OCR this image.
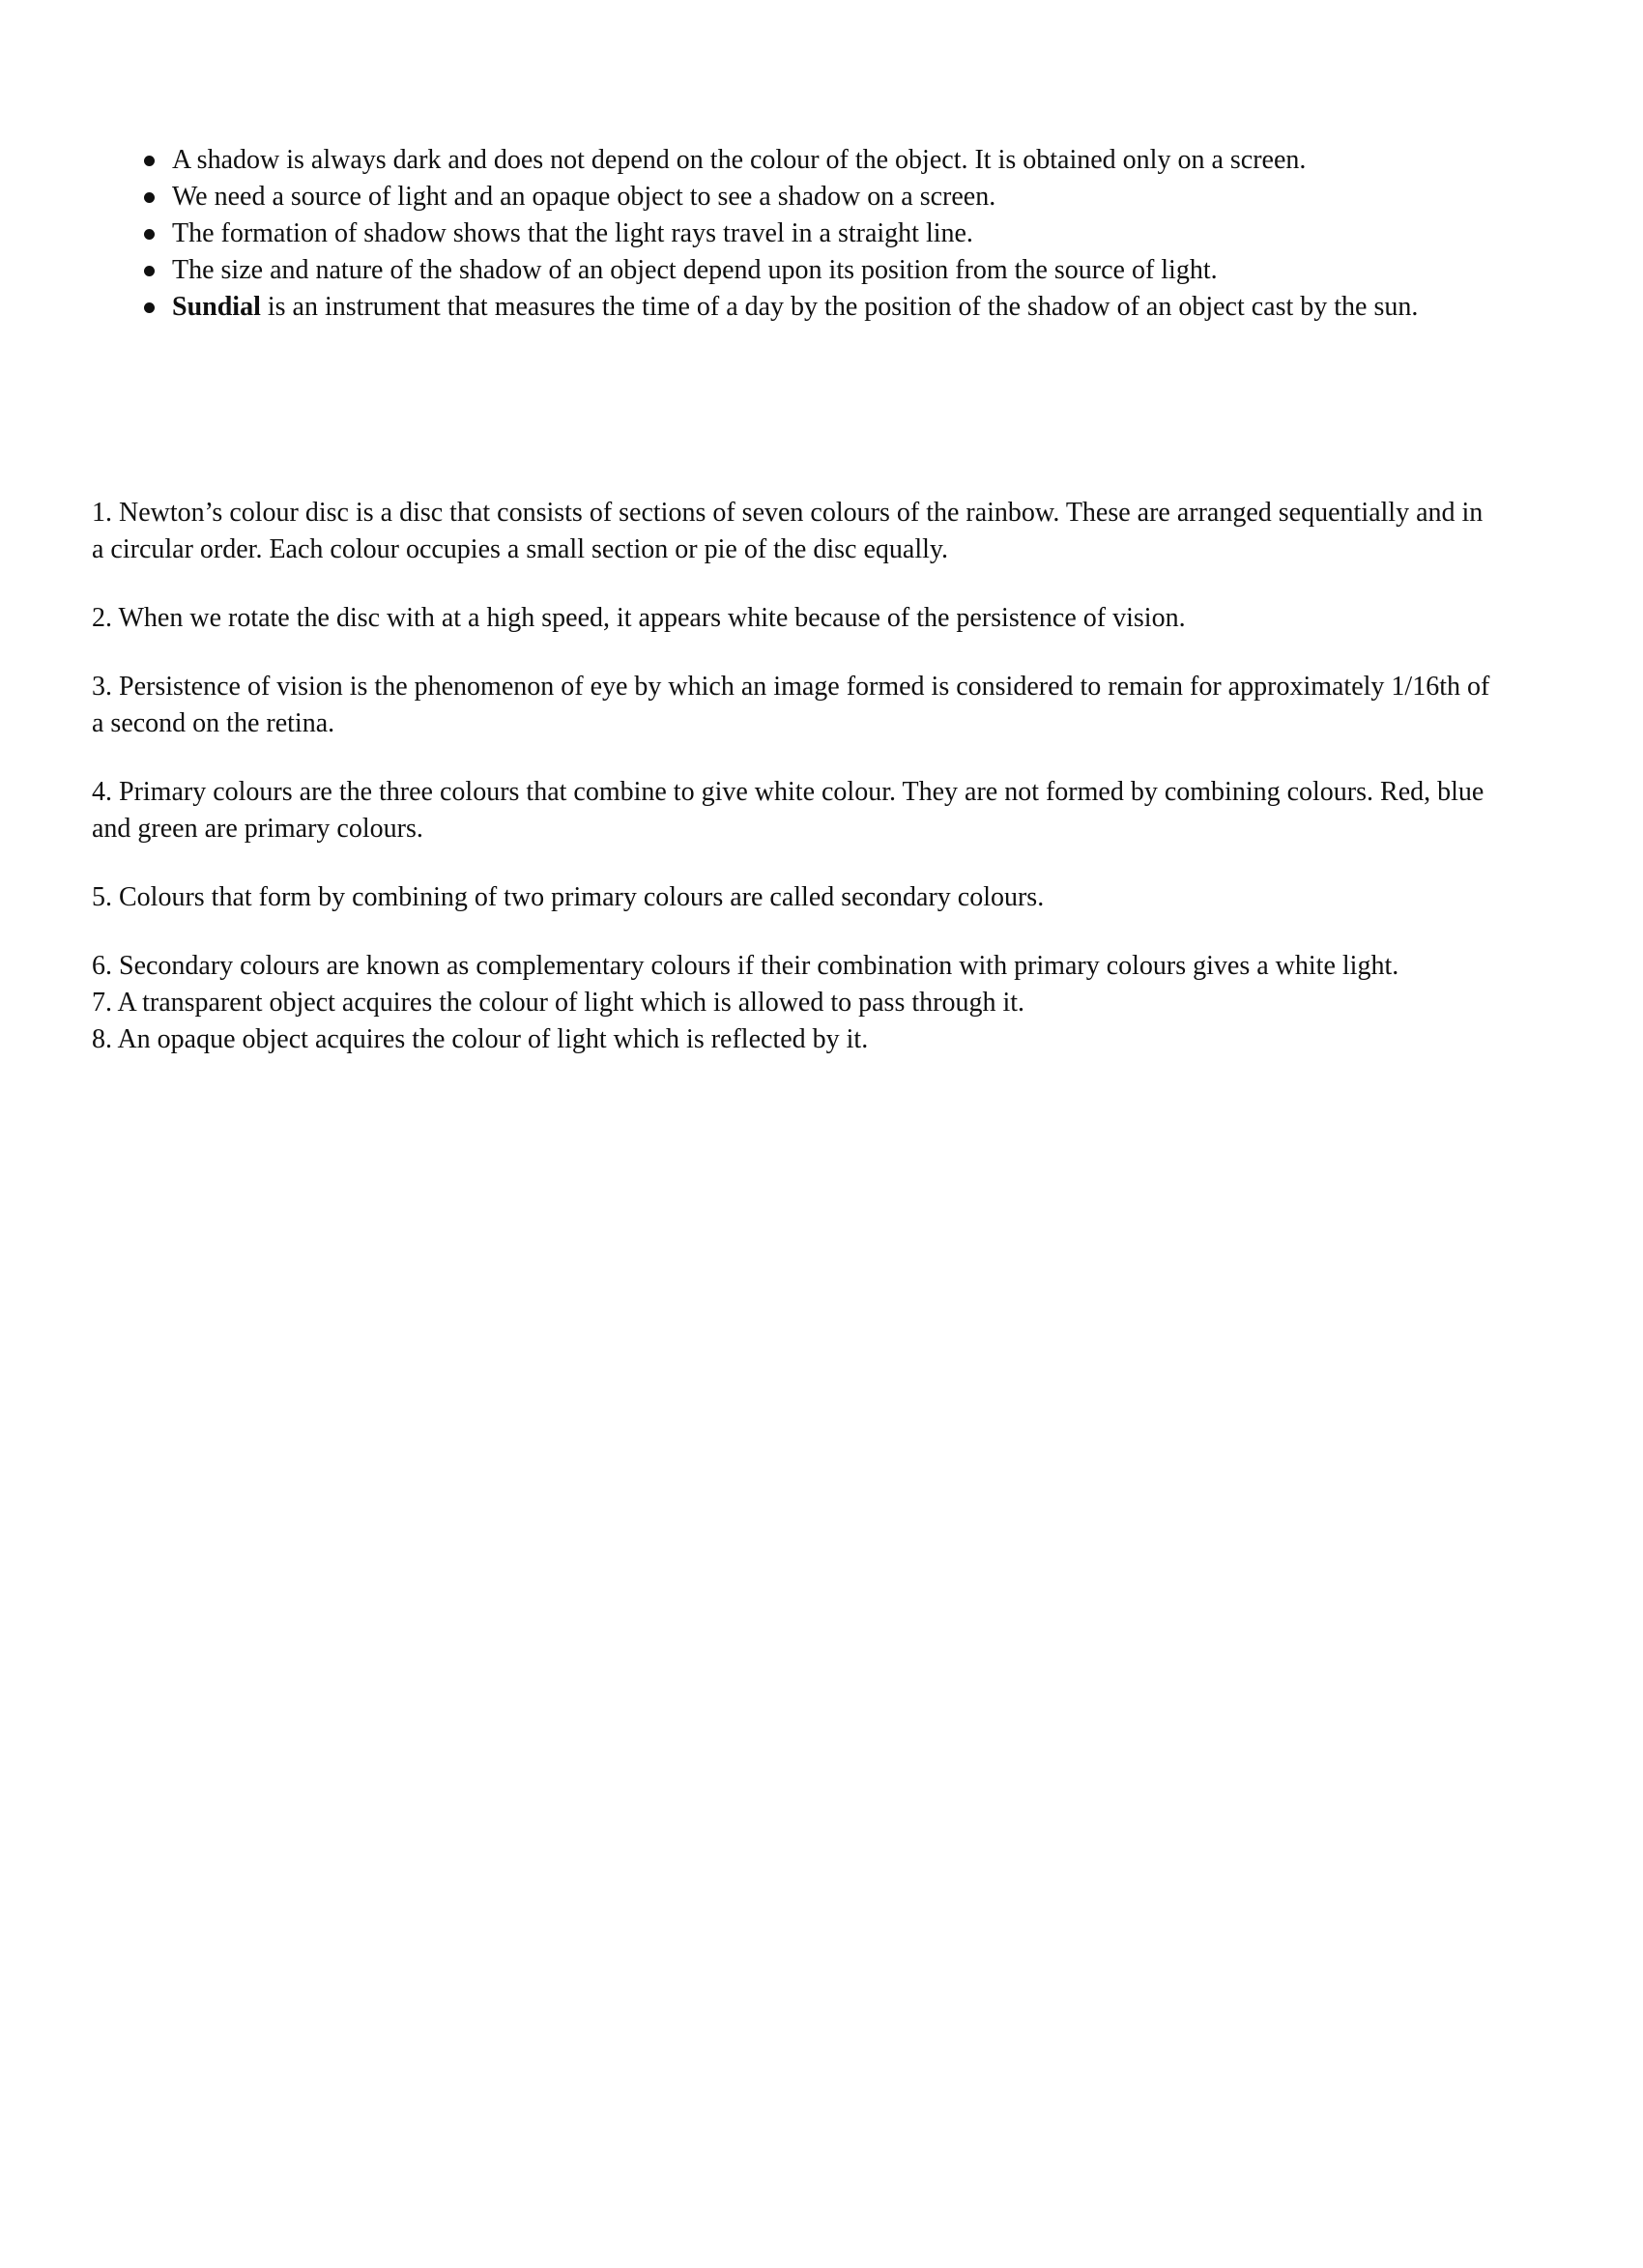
A shadow is always dark and does not depend on the colour of the object. It is obtained only on a screen.
We need a source of light and an opaque object to see a shadow on a screen.
The formation of shadow shows that the light rays travel in a straight line.
The size and nature of the shadow of an object depend upon its position from the source of light.
Sundial is an instrument that measures the time of a day by the position of the shadow of an object cast by the sun.

1. Newton’s colour disc is a disc that consists of sections of seven colours of the rainbow. These are arranged sequentially and in a circular order. Each colour occupies a small section or pie of the disc equally.

2. When we rotate the disc with at a high speed, it appears white because of the persistence of vision.

3. Persistence of vision is the phenomenon of eye by which an image formed is considered to remain for approximately 1/16th of a second on the retina.

4. Primary colours are the three colours that combine to give white colour. They are not formed by combining colours. Red, blue and green are primary colours.

5. Colours that form by combining of two primary colours are called secondary colours.

6. Secondary colours are known as complementary colours if their combination with primary colours gives a white light.

7. A transparent object acquires the colour of light which is allowed to pass through it.

8. An opaque object acquires the colour of light which is reflected by it.
